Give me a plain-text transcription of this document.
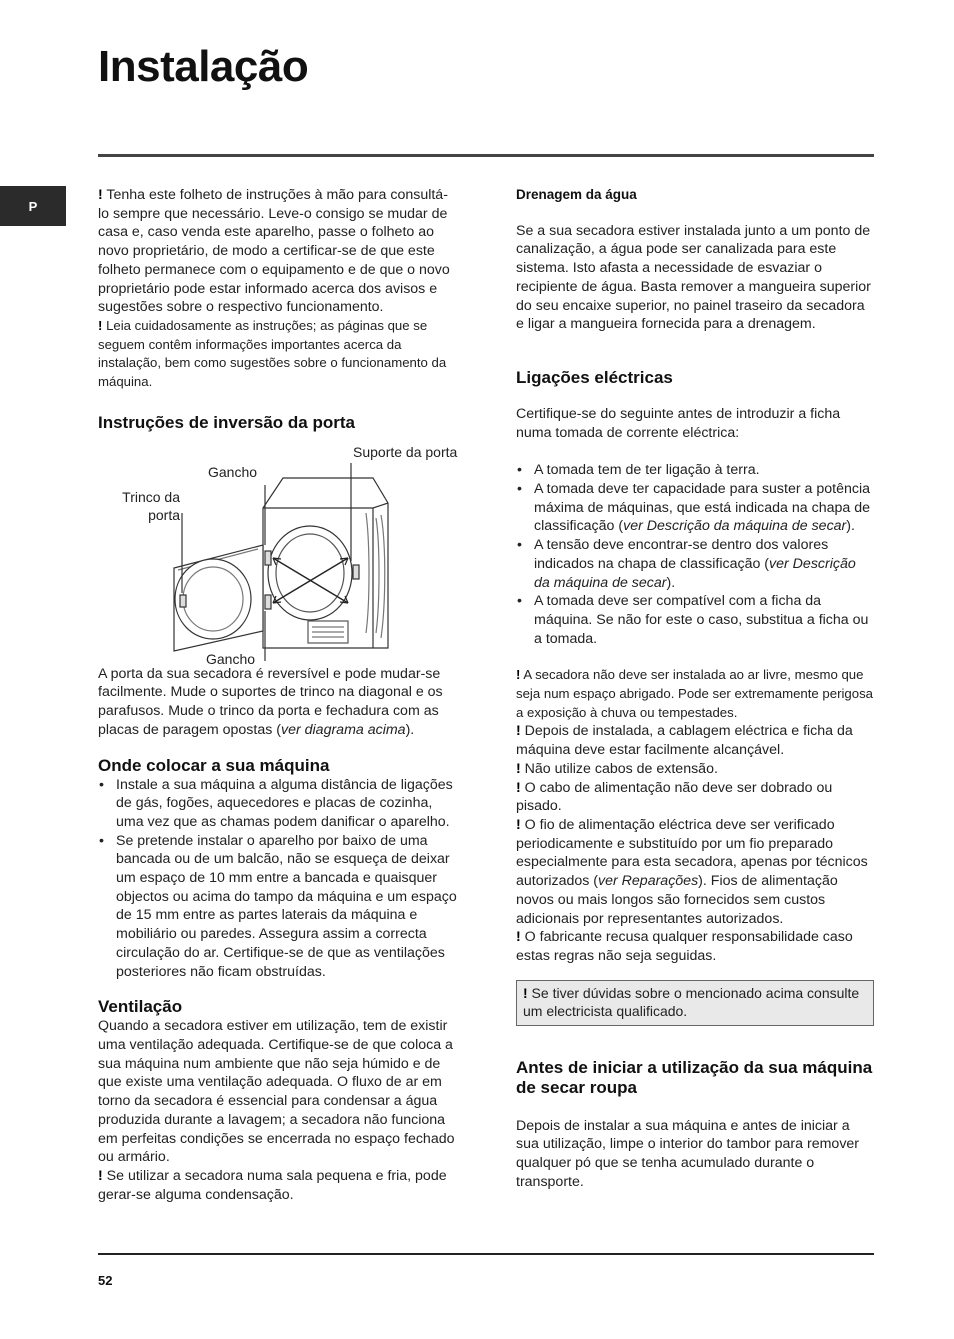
Instalação
P

! Tenha este folheto de instruções à mão para consultá-lo sempre que necessário. Leve-o consigo se mudar de casa e, caso venda este aparelho, passe o folheto ao novo proprietário, de modo a certificar-se de que este folheto permanece com o equipamento e de que o novo proprietário pode estar informado acerca dos avisos e sugestões sobre o respectivo funcionamento.

! Leia cuidadosamente as instruções; as páginas que se seguem contêm informações importantes acerca da instalação, bem como sugestões sobre o funcionamento da máquina.

Instruções de inversão da porta
Suporte da porta
Gancho
Trinco da porta
Gancho

A porta da sua secadora é reversível e pode mudar-se facilmente. Mude o suportes de trinco na diagonal e os parafusos. Mude o trinco da porta e fechadura com as placas de paragem opostas (ver diagrama acima).

Onde colocar a sua máquina
• Instale a sua máquina a alguma distância de ligações de gás, fogões, aquecedores e placas de cozinha, uma vez que as chamas podem danificar o aparelho.
• Se pretende instalar o aparelho por baixo de uma bancada ou de um balcão, não se esqueça de deixar um espaço de 10 mm entre a bancada e quaisquer objectos ou acima do tampo da máquina e um espaço de 15 mm entre as partes laterais da máquina e mobiliário ou paredes. Assegura assim a correcta circulação do ar. Certifique-se de que as ventilações posteriores não ficam obstruídas.
Ventilação

Quando a secadora estiver em utilização, tem de existir uma ventilação adequada. Certifique-se de que coloca a sua máquina num ambiente que não seja húmido e de que existe uma ventilação adequada. O fluxo de ar em torno da secadora é essencial para condensar a água produzida durante a lavagem; a secadora não funciona em perfeitas condições se encerrada no espaço fechado ou armário.

! Se utilizar a secadora numa sala pequena e fria, pode gerar-se alguma condensação.

Drenagem da água

Se a sua secadora estiver instalada junto a um ponto de canalização, a água pode ser canalizada para este sistema. Isto afasta a necessidade de esvaziar o recipiente de água. Basta remover a mangueira superior do seu encaixe superior, no painel traseiro da secadora e ligar a mangueira fornecida para a drenagem.

Ligações eléctricas

Certifique-se do seguinte antes de introduzir a ficha numa tomada de corrente eléctrica:

• A tomada tem de ter ligação à terra.
• A tomada deve ter capacidade para suster a potência máxima de máquinas, que está indicada na chapa de classificação (ver Descrição da máquina de secar).
• A tensão deve encontrar-se dentro dos valores indicados na chapa de classificação (ver Descrição da máquina de secar).
• A tomada deve ser compatível com a ficha da máquina. Se não for este o caso, substitua a ficha ou a tomada.

! A secadora não deve ser instalada ao ar livre, mesmo que seja num espaço abrigado. Pode ser extremamente perigosa a exposição à chuva ou tempestades.

! Depois de instalada, a cablagem eléctrica e ficha da máquina deve estar facilmente alcançável.

! Não utilize cabos de extensão.

! O cabo de alimentação não deve ser dobrado ou pisado.

! O fio de alimentação eléctrica deve ser verificado periodicamente e substituído por um fio preparado especialmente para esta secadora, apenas por técnicos autorizados (ver Reparações). Fios de alimentação novos ou mais longos são fornecidos sem custos adicionais por representantes autorizados.

! O fabricante recusa qualquer responsabilidade caso estas regras não seja seguidas.

! Se tiver dúvidas sobre o mencionado acima consulte um electricista qualificado.
Antes de iniciar a utilização da sua máquina de secar roupa

Depois de instalar a sua máquina e antes de iniciar a sua utilização, limpe o interior do tambor para remover qualquer pó que se tenha acumulado durante o transporte.

52
